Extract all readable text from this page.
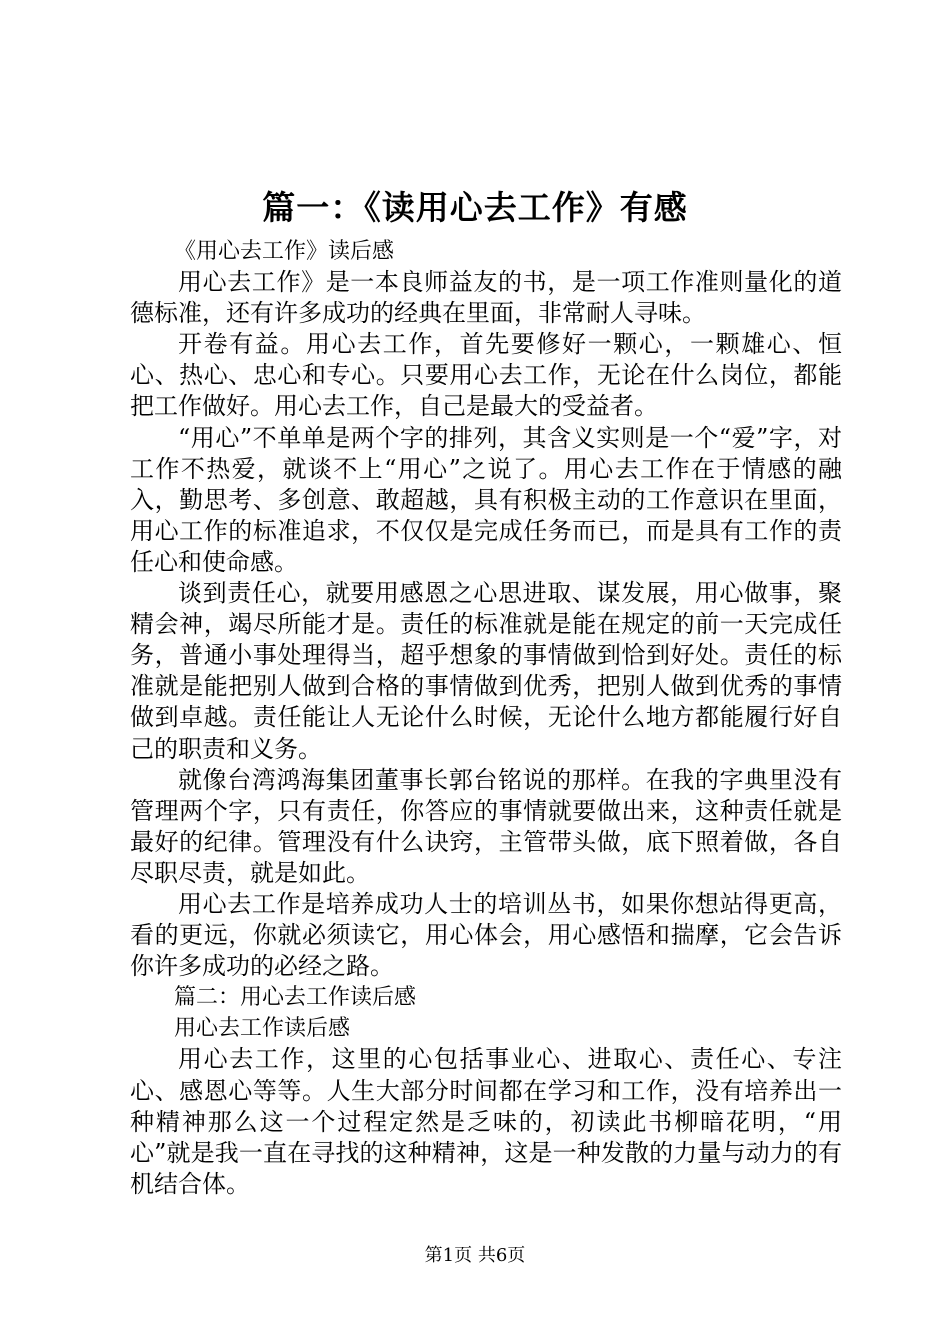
篇一：《读用心去工作》有感

《用心去工作》读后感

用心去工作》是一本良师益友的书，是一项工作准则量化的道德标准，还有许多成功的经典在里面，非常耐人寻味。

开卷有益。用心去工作，首先要修好一颗心，一颗雄心、恒心、热心、忠心和专心。只要用心去工作，无论在什么岗位，都能把工作做好。用心去工作，自己是最大的受益者。

“用心”不单单是两个字的排列，其含义实则是一个“爱”字，对工作不热爱，就谈不上“用心”之说了。用心去工作在于情感的融入，勤思考、多创意、敢超越，具有积极主动的工作意识在里面，用心工作的标准追求，不仅仅是完成任务而已，而是具有工作的责任心和使命感。

谈到责任心，就要用感恩之心思进取、谋发展，用心做事，聚精会神，竭尽所能才是。责任的标准就是能在规定的前一天完成任务，普通小事处理得当，超乎想象的事情做到恰到好处。责任的标准就是能把别人做到合格的事情做到优秀，把别人做到优秀的事情做到卓越。责任能让人无论什么时候，无论什么地方都能履行好自己的职责和义务。

就像台湾鸿海集团董事长郭台铭说的那样。在我的字典里没有管理两个字，只有责任，你答应的事情就要做出来，这种责任就是最好的纪律。管理没有什么诀窍，主管带头做，底下照着做，各自尽职尽责，就是如此。

用心去工作是培养成功人士的培训丛书，如果你想站得更高，看的更远，你就必须读它，用心体会，用心感悟和揣摩，它会告诉你许多成功的必经之路。

篇二：用心去工作读后感

用心去工作读后感

用心去工作，这里的心包括事业心、进取心、责任心、专注心、感恩心等等。人生大部分时间都在学习和工作，没有培养出一种精神那么这一个过程定然是乏味的，初读此书柳暗花明，“用心”就是我一直在寻找的这种精神，这是一种发散的力量与动力的有机结合体。

第1页 共6页
